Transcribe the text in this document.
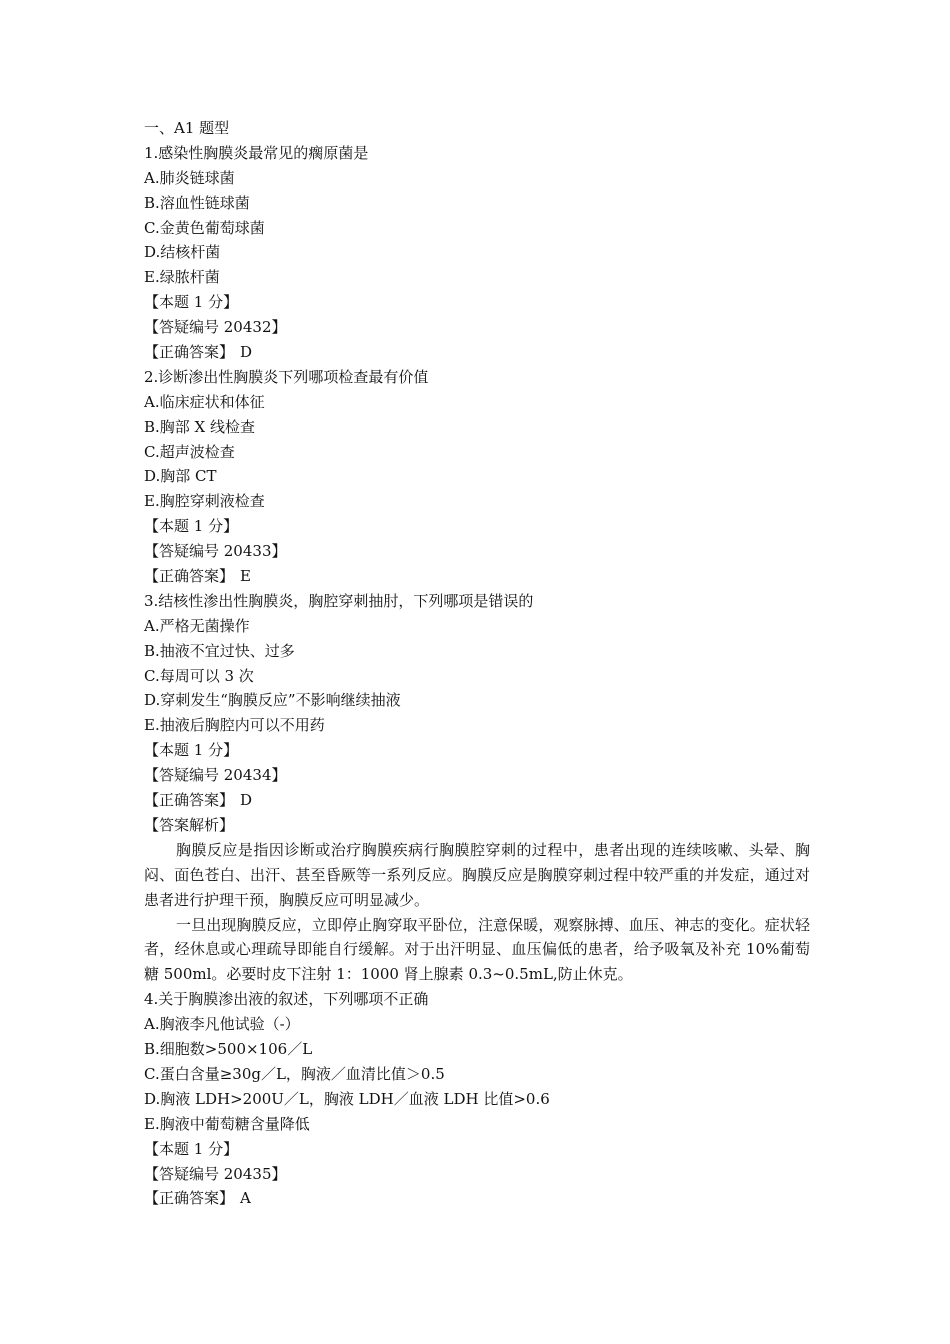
一、A1 题型
1.感染性胸膜炎最常见的瘸原菌是
A.肺炎链球菌
B.溶血性链球菌
C.金黄色葡萄球菌
D.结核杆菌
E.绿脓杆菌
【本题 1 分】
【答疑编号 20432】
【正确答案】 D
2.诊断渗出性胸膜炎下列哪项检查最有价值
A.临床症状和体征
B.胸部 X 线检查
C.超声波检查
D.胸部 CT
E.胸腔穿刺液检查
【本题 1 分】
【答疑编号 20433】
【正确答案】 E
3.结核性渗出性胸膜炎，胸腔穿刺抽肘，下列哪项是错误的
A.严格无菌操作
B.抽液不宜过快、过多
C.每周可以 3 次
D.穿刺发生“胸膜反应”不影响继续抽液
E.抽液后胸腔内可以不用药
【本题 1 分】
【答疑编号 20434】
【正确答案】 D
【答案解析】

胸膜反应是指因诊断或治疗胸膜疾病行胸膜腔穿刺的过程中，患者出现的连续咳嗽、头晕、胸闷、面色苍白、出汗、甚至昏厥等一系列反应。胸膜反应是胸膜穿刺过程中较严重的并发症，通过对患者进行护理干预，胸膜反应可明显减少。

一旦出现胸膜反应，立即停止胸穿取平卧位，注意保暖，观察脉搏、血压、神志的变化。症状轻者，经休息或心理疏导即能自行缓解。对于出汗明显、血压偏低的患者，给予吸氧及补充 10%葡萄糖 500ml。必要时皮下注射 1：1000 肾上腺素 0.3~0.5mL,防止休克。

4.关于胸膜渗出液的叙述，下列哪项不正确
A.胸液李凡他试验（-）
B.细胞数>500×106／L
C.蛋白含量≥30g／L，胸液／血清比值＞0.5
D.胸液 LDH>200U／L，胸液 LDH／血液 LDH 比值>0.6
E.胸液中葡萄糖含量降低
【本题 1 分】
【答疑编号 20435】
【正确答案】 A
